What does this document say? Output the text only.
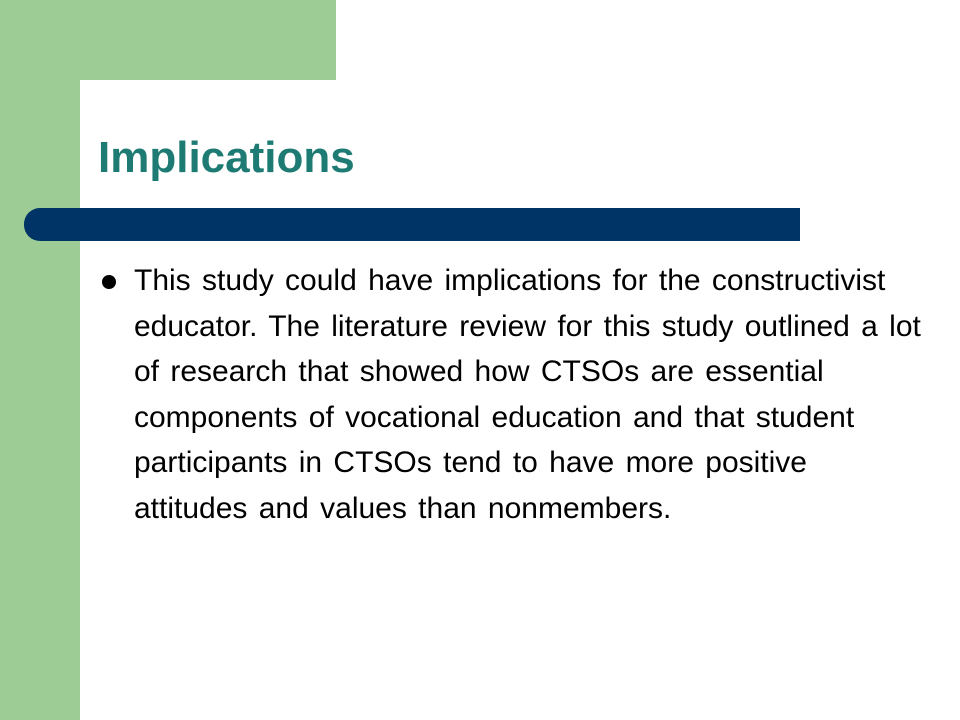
Implications
This study could have implications for the constructivist educator. The literature review for this study outlined a lot of research that showed how CTSOs are essential components of vocational education and that student participants in CTSOs tend to have more positive attitudes and values than nonmembers.
